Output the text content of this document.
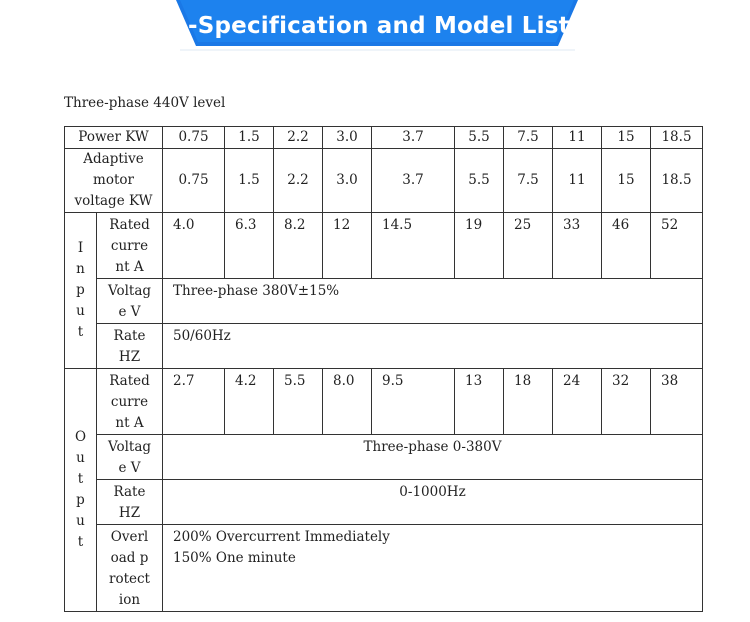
-Specification and Model List-
Three-phase 440V level
Power KW		0.75	1.5	2.2	3.0	3.7	5.5	7.5	11	15	18.5

Adaptive motor voltage KW		0.75	1.5	2.2	3.0	3.7	5.5	7.5	11	15	18.5

Input	Rated current A	4.0	6.3	8.2	12	14.5	19	25	33	46	52

	Voltage V	Three-phase 380V±15%									

	Rate HZ	50/60Hz									

Output	Rated current A	2.7	4.2	5.5	8.0	9.5	13	18	24	32	38

	Voltage V	Three-phase 0-380V									

	Rate HZ	0-1000Hz									

	Overload protection	200% Overcurrent Immediately
150% One minute									
